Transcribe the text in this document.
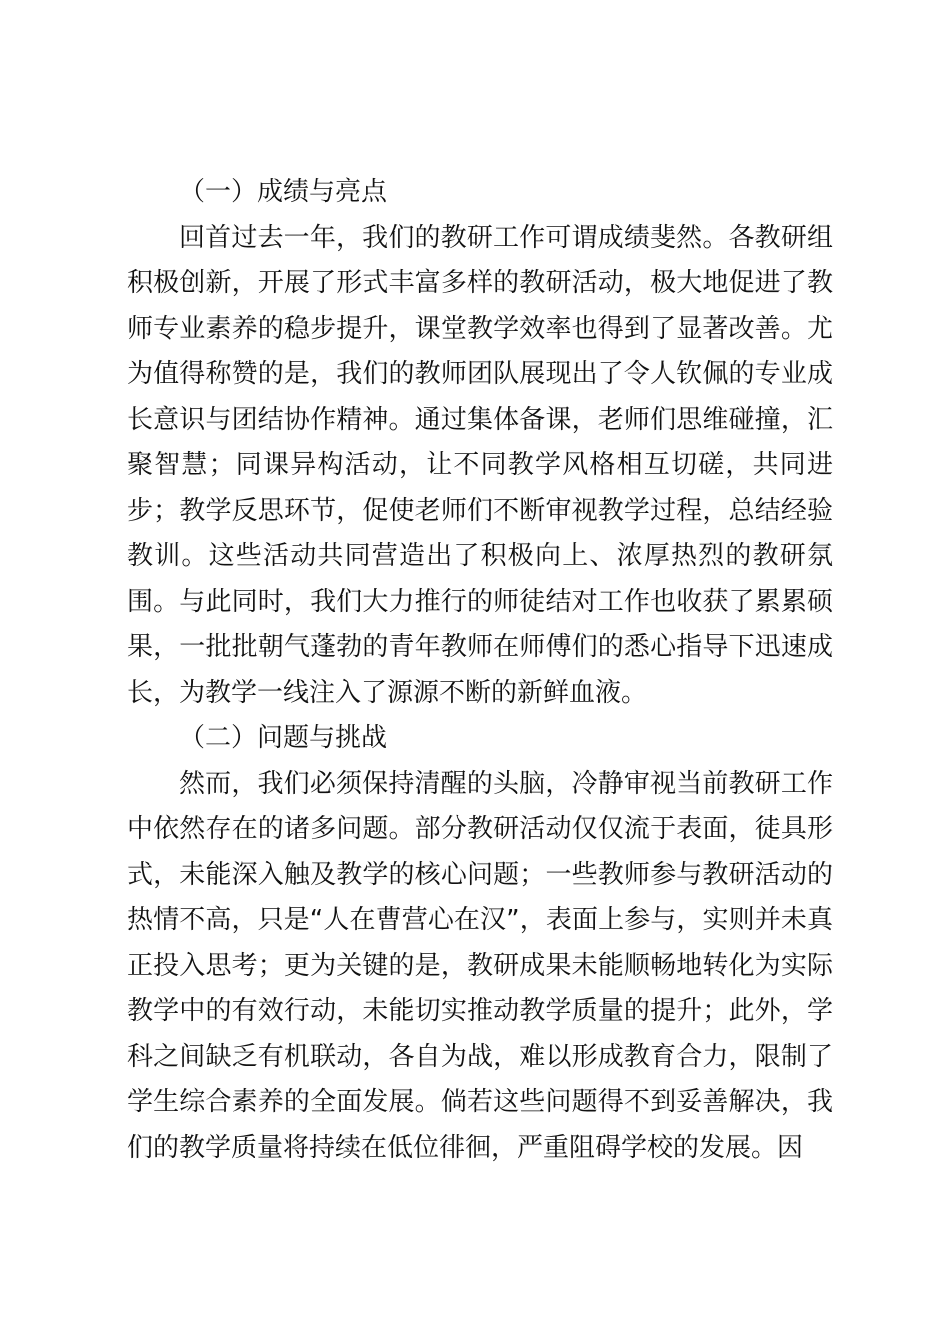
（一）成绩与亮点

回首过去一年，我们的教研工作可谓成绩斐然。各教研组积极创新，开展了形式丰富多样的教研活动，极大地促进了教师专业素养的稳步提升，课堂教学效率也得到了显著改善。尤为值得称赞的是，我们的教师团队展现出了令人钦佩的专业成长意识与团结协作精神。通过集体备课，老师们思维碰撞，汇聚智慧；同课异构活动，让不同教学风格相互切磋，共同进步；教学反思环节，促使老师们不断审视教学过程，总结经验教训。这些活动共同营造出了积极向上、浓厚热烈的教研氛围。与此同时，我们大力推行的师徒结对工作也收获了累累硕果，一批批朝气蓬勃的青年教师在师傅们的悉心指导下迅速成长，为教学一线注入了源源不断的新鲜血液。

（二）问题与挑战

然而，我们必须保持清醒的头脑，冷静审视当前教研工作中依然存在的诸多问题。部分教研活动仅仅流于表面，徒具形式，未能深入触及教学的核心问题；一些教师参与教研活动的热情不高，只是“人在曹营心在汉”，表面上参与，实则并未真正投入思考；更为关键的是，教研成果未能顺畅地转化为实际教学中的有效行动，未能切实推动教学质量的提升；此外，学科之间缺乏有机联动，各自为战，难以形成教育合力，限制了学生综合素养的全面发展。倘若这些问题得不到妥善解决，我们的教学质量将持续在低位徘徊，严重阻碍学校的发展。因
